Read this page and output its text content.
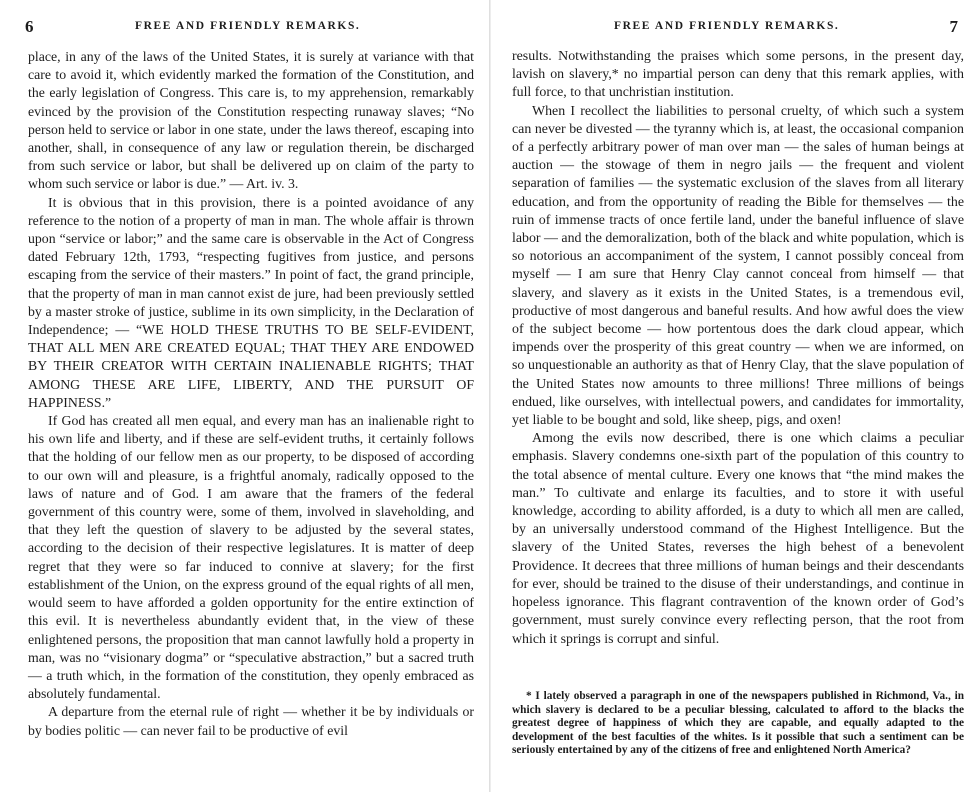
6	FREE AND FRIENDLY REMARKS.

place, in any of the laws of the United States, it is surely at variance with that care to avoid it, which evidently marked the formation of the Constitution, and the early legislation of Congress. This care is, to my apprehension, remarkably evinced by the provision of the Constitution respecting runaway slaves; “No person held to service or labor in one state, under the laws thereof, escaping into another, shall, in consequence of any law or regulation therein, be discharged from such service or labor, but shall be delivered up on claim of the party to whom such service or labor is due.” — Art. iv. 3.

It is obvious that in this provision, there is a pointed avoidance of any reference to the notion of a property of man in man. The whole affair is thrown upon “service or labor;” and the same care is observable in the Act of Congress dated February 12th, 1793, “respecting fugitives from justice, and persons escaping from the service of their masters.” In point of fact, the grand principle, that the property of man in man cannot exist de jure, had been previously settled by a master stroke of justice, sublime in its own simplicity, in the Declaration of Independence; — “WE HOLD THESE TRUTHS TO BE SELF-EVIDENT, THAT ALL MEN ARE CREATED EQUAL; THAT THEY ARE ENDOWED BY THEIR CREATOR WITH CERTAIN INALIENABLE RIGHTS; THAT AMONG THESE ARE LIFE, LIBERTY, AND THE PURSUIT OF HAPPINESS.”

If God has created all men equal, and every man has an inalienable right to his own life and liberty, and if these are self-evident truths, it certainly follows that the holding of our fellow men as our property, to be disposed of according to our own will and pleasure, is a frightful anomaly, radically opposed to the laws of nature and of God. I am aware that the framers of the federal government of this country were, some of them, involved in slaveholding, and that they left the question of slavery to be adjusted by the several states, according to the decision of their respective legislatures. It is matter of deep regret that they were so far induced to connive at slavery; for the first establishment of the Union, on the express ground of the equal rights of all men, would seem to have afforded a golden opportunity for the entire extinction of this evil. It is nevertheless abundantly evident that, in the view of these enlightened persons, the proposition that man cannot lawfully hold a property in man, was no “visionary dogma” or “speculative abstraction,” but a sacred truth — a truth which, in the formation of the constitution, they openly embraced as absolutely fundamental.

A departure from the eternal rule of right — whether it be by individuals or by bodies politic — can never fail to be productive of evil

FREE AND FRIENDLY REMARKS.	7

results. Notwithstanding the praises which some persons, in the present day, lavish on slavery,* no impartial person can deny that this remark applies, with full force, to that unchristian institution.

When I recollect the liabilities to personal cruelty, of which such a system can never be divested — the tyranny which is, at least, the occasional companion of a perfectly arbitrary power of man over man — the sales of human beings at auction — the stowage of them in negro jails — the frequent and violent separation of families — the systematic exclusion of the slaves from all literary education, and from the opportunity of reading the Bible for themselves — the ruin of immense tracts of once fertile land, under the baneful influence of slave labor — and the demoralization, both of the black and white population, which is so notorious an accompaniment of the system, I cannot possibly conceal from myself — I am sure that Henry Clay cannot conceal from himself — that slavery, and slavery as it exists in the United States, is a tremendous evil, productive of most dangerous and baneful results. And how awful does the view of the subject become — how portentous does the dark cloud appear, which impends over the prosperity of this great country — when we are informed, on so unquestionable an authority as that of Henry Clay, that the slave population of the United States now amounts to three millions! Three millions of beings endued, like ourselves, with intellectual powers, and candidates for immortality, yet liable to be bought and sold, like sheep, pigs, and oxen!

Among the evils now described, there is one which claims a peculiar emphasis. Slavery condemns one-sixth part of the population of this country to the total absence of mental culture. Every one knows that “the mind makes the man.” To cultivate and enlarge its faculties, and to store it with useful knowledge, according to ability afforded, is a duty to which all men are called, by an universally understood command of the Highest Intelligence. But the slavery of the United States, reverses the high behest of a benevolent Providence. It decrees that three millions of human beings and their descendants for ever, should be trained to the disuse of their understandings, and continue in hopeless ignorance. This flagrant contravention of the known order of God’s government, must surely convince every reflecting person, that the root from which it springs is corrupt and sinful.

* I lately observed a paragraph in one of the newspapers published in Richmond, Va., in which slavery is declared to be a peculiar blessing, calculated to afford to the blacks the greatest degree of happiness of which they are capable, and equally adapted to the development of the best faculties of the whites. Is it possible that such a sentiment can be seriously entertained by any of the citizens of free and enlightened North America?
